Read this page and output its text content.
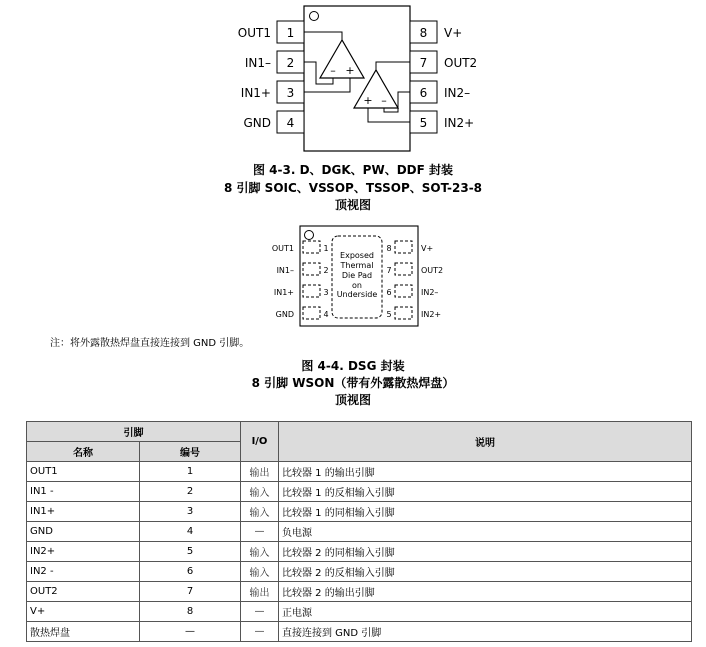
1
2
3
4
8
7
6
5
OUT1
IN1–
IN1+
GND
V+
OUT2
IN2–
IN2+
– +
+ –
图 4-3. D、DGK、PW、DDF 封装
8 引脚 SOIC、VSSOP、TSSOP、SOT-23-8
顶视图
Exposed
Thermal
Die Pad
on
Underside
1
2
3
4
8
7
6
5
OUT1
IN1–
IN1+
GND
V+
OUT2
IN2–
IN2+
注：将外露散热焊盘直接连接到 GND 引脚。
图 4-4. DSG 封装
8 引脚 WSON（带有外露散热焊盘）
顶视图
引脚		I/O	说明
名称	编号		
OUT1	1	输出	比较器 1 的输出引脚
IN1 -	2	输入	比较器 1 的反相输入引脚
IN1+	3	输入	比较器 1 的同相输入引脚
GND	4	—	负电源
IN2+	5	输入	比较器 2 的同相输入引脚
IN2 -	6	输入	比较器 2 的反相输入引脚
OUT2	7	输出	比较器 2 的输出引脚
V+	8	—	正电源
散热焊盘	—	—	直接连接到 GND 引脚
